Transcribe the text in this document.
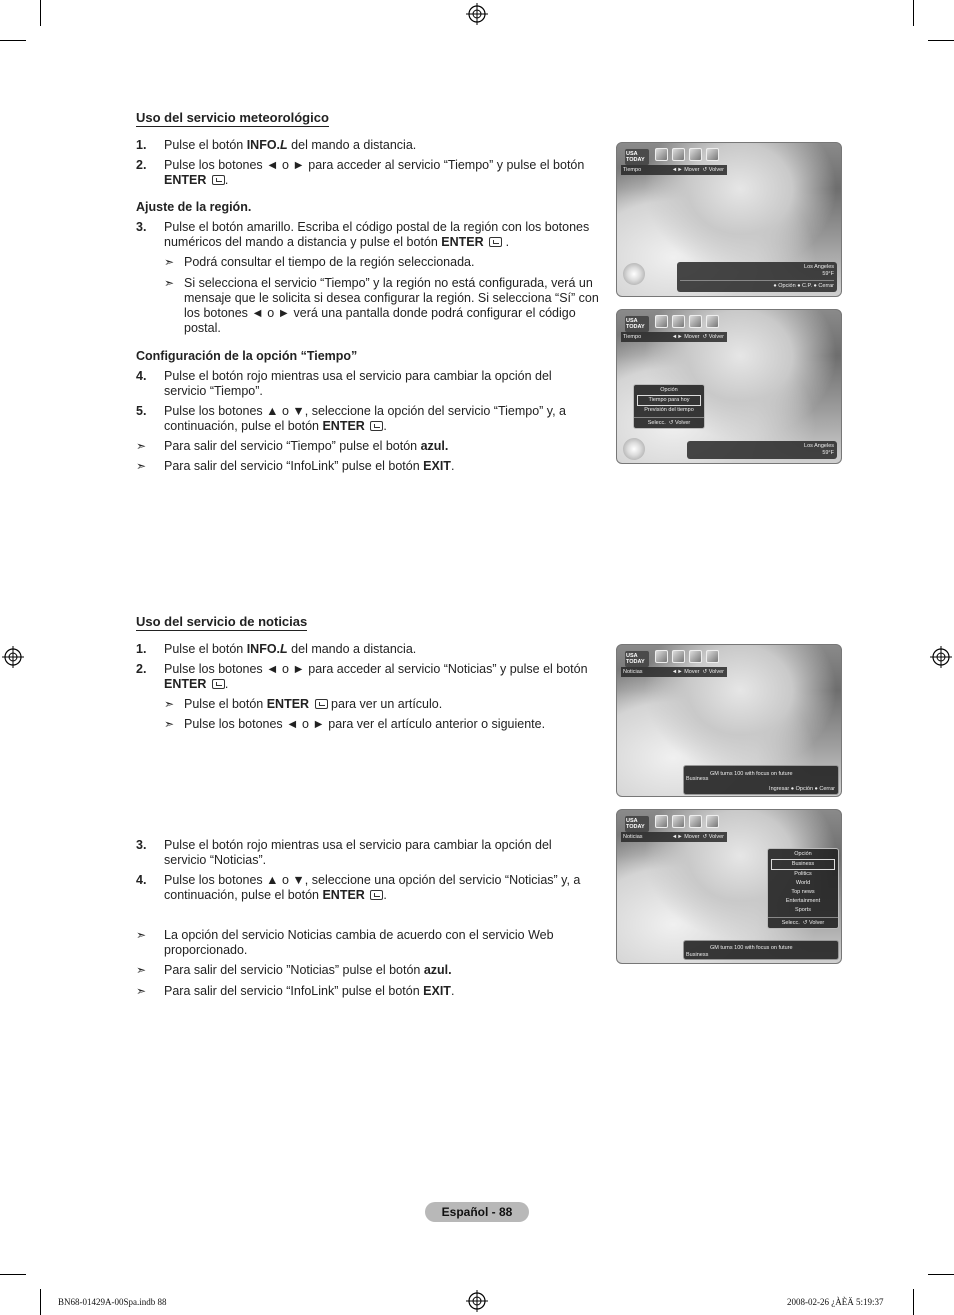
Uso del servicio meteorológico
1. Pulse el botón INFO.L del mando a distancia.
2. Pulse los botones ◄ o ► para acceder al servicio “Tiempo” y pulse el botón
ENTER .
Ajuste de la región.
3. Pulse el botón amarillo. Escriba el código postal de la región con los botones
numéricos del mando a distancia y pulse el botón ENTER  .
➣ Podrá consultar el tiempo de la región seleccionada.
➣ Si selecciona el servicio “Tiempo” y la región no está configurada, verá un mensaje que le solicita si desea configurar la región. Si selecciona “Sí” con los botones ◄ o ► verá una pantalla donde podrá configurar el código postal.
Configuración de la opción “Tiempo”
4. Pulse el botón rojo mientras usa el servicio para cambiar la opción del
servicio “Tiempo”.
5. Pulse los botones ▲ o ▼, seleccione la opción del servicio “Tiempo” y, a
continuación, pulse el botón ENTER .
➣ Para salir del servicio “Tiempo” pulse el botón azul.
➣ Para salir del servicio “InfoLink” pulse el botón EXIT.
USA TODAY
Tiempo	◄► Mover  ↺ Volver
Los Angeles
59°F
● Opción ● C.P. ● Cerrar
USA TODAY
Tiempo	◄► Mover  ↺ Volver
Opción
Tiempo para hoy
Previsión del tiempo
Selecc.  ↺ Volver
Los Angeles
59°F
Uso del servicio de noticias
1. Pulse el botón INFO.L del mando a distancia.
2. Pulse los botones ◄ o ► para acceder al servicio “Noticias” y pulse el botón
ENTER .
➣ Pulse el botón ENTER  para ver un artículo.
➣ Pulse los botones ◄ o ► para ver el artículo anterior o siguiente.
3. Pulse el botón rojo mientras usa el servicio para cambiar la opción del
servicio “Noticias”.
4. Pulse los botones ▲ o ▼, seleccione una opción del servicio “Noticias” y, a
continuación, pulse el botón ENTER .
➣ La opción del servicio Noticias cambia de acuerdo con el servicio Web proporcionado.
➣ Para salir del servicio ”Noticias” pulse el botón azul.
➣ Para salir del servicio “InfoLink” pulse el botón EXIT.
USA TODAY
Noticias	◄► Mover  ↺ Volver
Business
GM turns 100 with focus on future
Ingresar ● Opción ● Cerrar
USA TODAY
Noticias	◄► Mover  ↺ Volver
Opción
Business
Politics
World
Top news
Entertainment
Sports
Selecc.  ↺ Volver
Business
GM turns 100 with focus on future
Español - 88
BN68-01429A-00Spa.indb 88	2008-02-26 ¿ÀÈÄ 5:19:37
